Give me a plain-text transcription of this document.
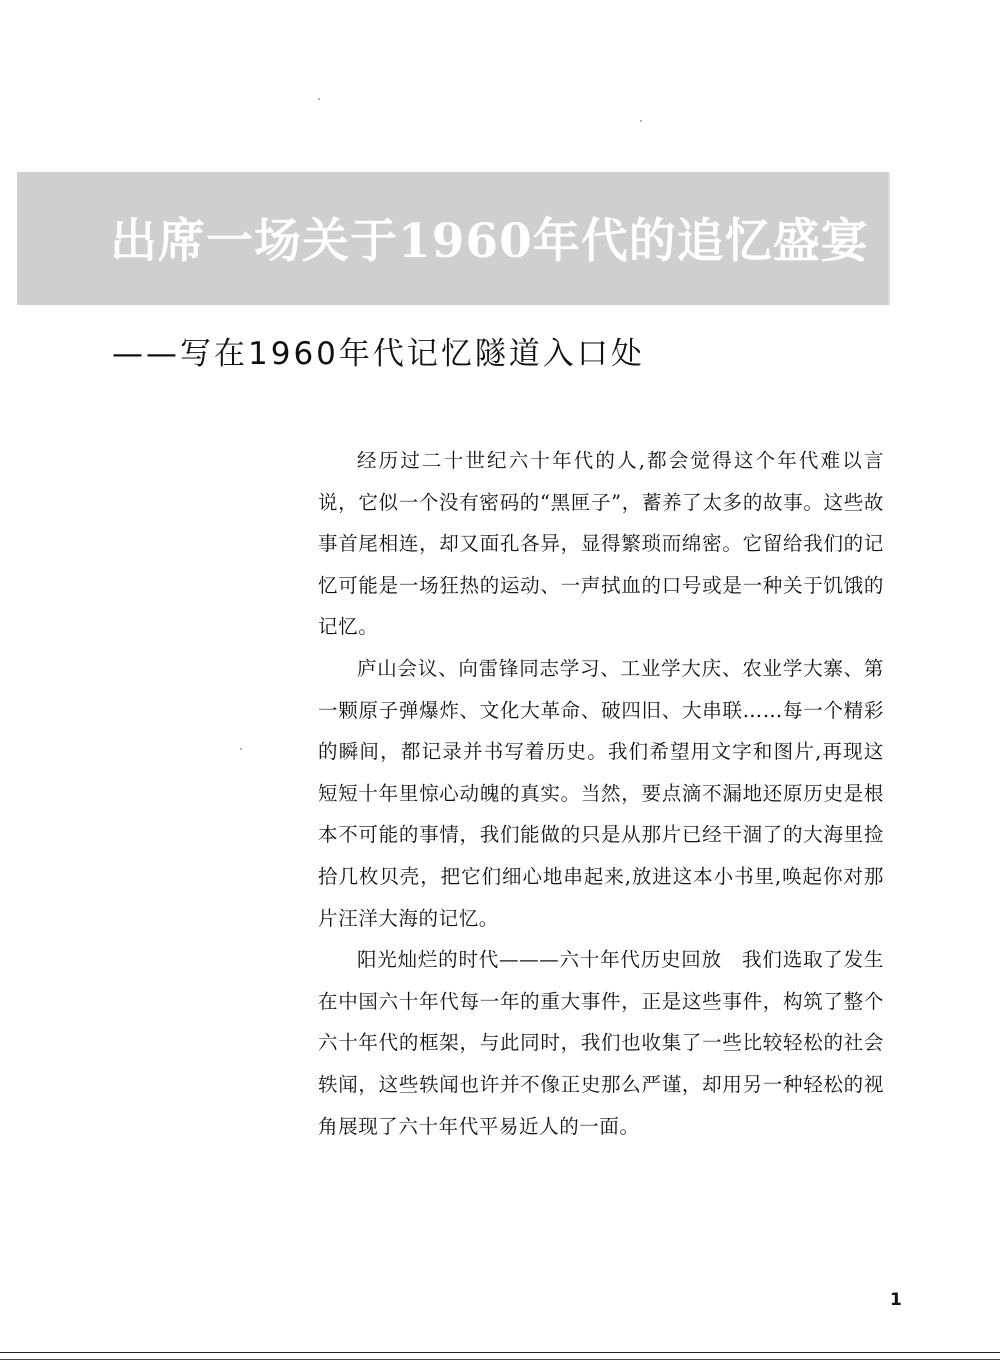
出席一场关于1960年代的追忆盛宴
——写在1960年代记忆隧道入口处

经历过二十世纪六十年代的人,都会觉得这个年代难以言说，它似一个没有密码的“黑匣子”，蓄养了太多的故事。这些故事首尾相连，却又面孔各异，显得繁琐而绵密。它留给我们的记忆可能是一场狂热的运动、一声拭血的口号或是一种关于饥饿的记忆。

庐山会议、向雷锋同志学习、工业学大庆、农业学大寨、第一颗原子弹爆炸、文化大革命、破四旧、大串联……每一个精彩的瞬间，都记录并书写着历史。我们希望用文字和图片,再现这短短十年里惊心动魄的真实。当然，要点滴不漏地还原历史是根本不可能的事情，我们能做的只是从那片已经干涸了的大海里捡拾几枚贝壳，把它们细心地串起来,放进这本小书里,唤起你对那片汪洋大海的记忆。

阳光灿烂的时代———六十年代历史回放　我们选取了发生在中国六十年代每一年的重大事件，正是这些事件，构筑了整个六十年代的框架，与此同时，我们也收集了一些比较轻松的社会轶闻，这些轶闻也许并不像正史那么严谨，却用另一种轻松的视角展现了六十年代平易近人的一面。

1
